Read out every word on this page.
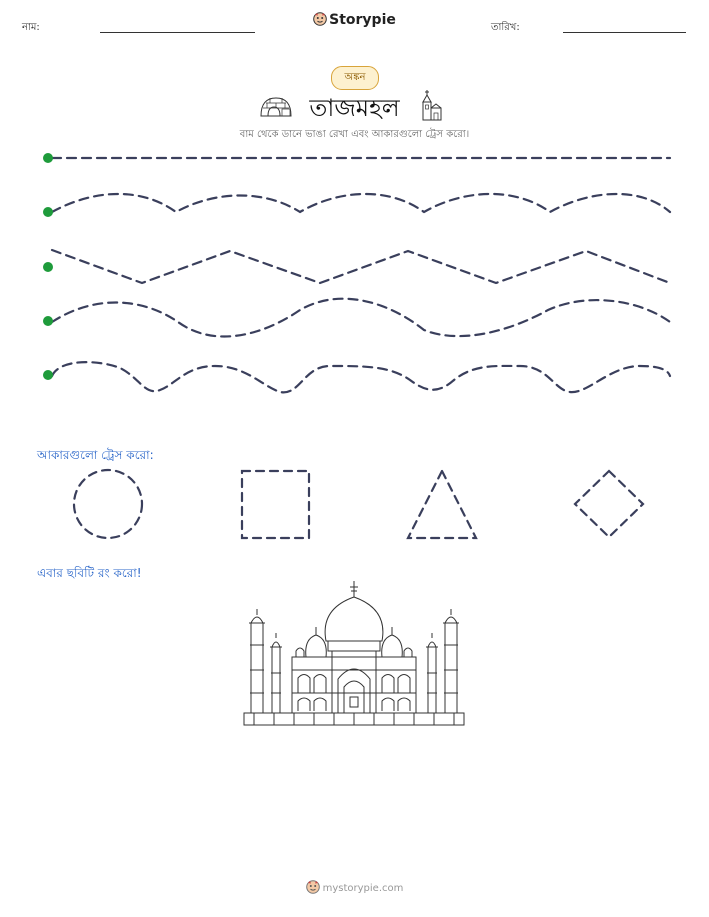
নাম:	Storypie	তারিখ:
অঙ্কন
তাজমহল
বাম থেকে ডানে ভাঙা রেখা এবং আকারগুলো ট্রেস করো।
আকারগুলো ট্রেস করো:
এবার ছবিটি রং করো!
mystorypie.com
